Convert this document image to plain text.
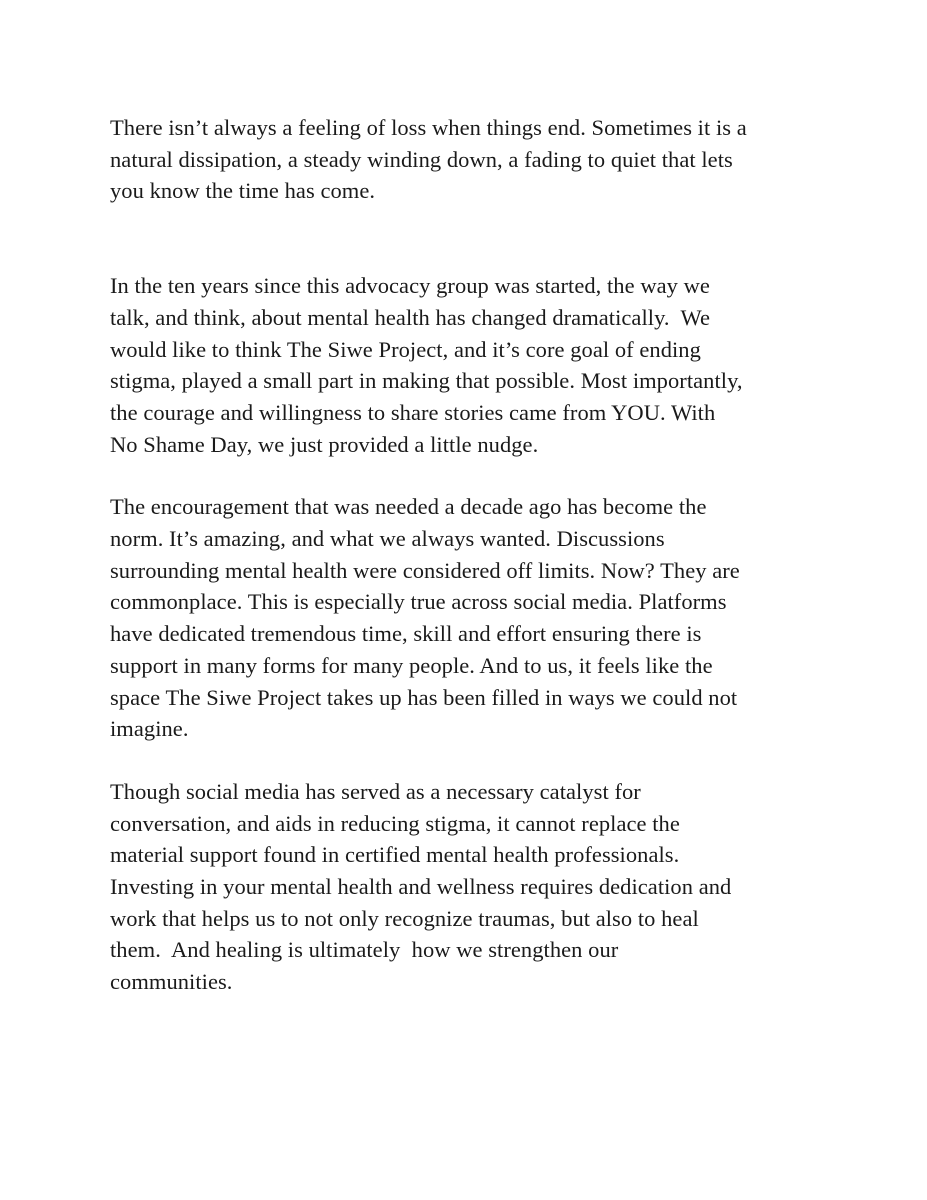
There isn’t always a feeling of loss when things end. Sometimes it is a
natural dissipation, a steady winding down, a fading to quiet that lets
you know the time has come.

In the ten years since this advocacy group was started, the way we
talk, and think, about mental health has changed dramatically.  We
would like to think The Siwe Project, and it’s core goal of ending
stigma, played a small part in making that possible. Most importantly,
the courage and willingness to share stories came from YOU. With
No Shame Day, we just provided a little nudge.

The encouragement that was needed a decade ago has become the
norm. It’s amazing, and what we always wanted. Discussions
surrounding mental health were considered off limits. Now? They are
commonplace. This is especially true across social media. Platforms
have dedicated tremendous time, skill and effort ensuring there is
support in many forms for many people. And to us, it feels like the
space The Siwe Project takes up has been filled in ways we could not
imagine.

Though social media has served as a necessary catalyst for
conversation, and aids in reducing stigma, it cannot replace the
material support found in certified mental health professionals.
Investing in your mental health and wellness requires dedication and
work that helps us to not only recognize traumas, but also to heal
them.  And healing is ultimately  how we strengthen our
communities.
